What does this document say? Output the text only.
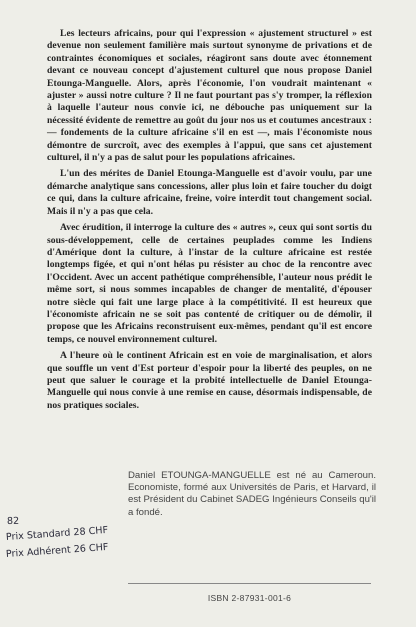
Les lecteurs africains, pour qui l'expression « ajustement structurel » est devenue non seulement familière mais surtout synonyme de privations et de contraintes économiques et sociales, réagiront sans doute avec étonnement devant ce nouveau concept d'ajustement culturel que nous propose Daniel Etounga-Manguelle. Alors, après l'économie, l'on voudrait maintenant « ajuster » aussi notre culture ? Il ne faut pourtant pas s'y tromper, la réflexion à laquelle l'auteur nous convie ici, ne débouche pas uniquement sur la nécessité évidente de remettre au goût du jour nos us et coutumes ancestraux : — fondements de la culture africaine s'il en est —, mais l'économiste nous démontre de surcroît, avec des exemples à l'appui, que sans cet ajustement culturel, il n'y a pas de salut pour les populations africaines.

L'un des mérites de Daniel Etounga-Manguelle est d'avoir voulu, par une démarche analytique sans concessions, aller plus loin et faire toucher du doigt ce qui, dans la culture africaine, freine, voire interdit tout changement social. Mais il n'y a pas que cela.

Avec érudition, il interroge la culture des « autres », ceux qui sont sortis du sous-développement, celle de certaines peuplades comme les Indiens d'Amérique dont la culture, à l'instar de la culture africaine est restée longtemps figée, et qui n'ont hélas pu résister au choc de la rencontre avec l'Occident. Avec un accent pathétique compréhensible, l'auteur nous prédit le même sort, si nous sommes incapables de changer de mentalité, d'épouser notre siècle qui fait une large place à la compétitivité. Il est heureux que l'économiste africain ne se soit pas contenté de critiquer ou de démolir, il propose que les Africains reconstruisent eux-mêmes, pendant qu'il est encore temps, ce nouvel environnement culturel.

A l'heure où le continent Africain est en voie de marginalisation, et alors que souffle un vent d'Est porteur d'espoir pour la liberté des peuples, on ne peut que saluer le courage et la probité intellectuelle de Daniel Etounga-Manguelle qui nous convie à une remise en cause, désormais indispensable, de nos pratiques sociales.

Daniel ETOUNGA-MANGUELLE est né au Cameroun. Economiste, formé aux Universités de Paris, et Harvard, il est Président du Cabinet SADEG Ingénieurs Conseils qu'il a fondé.
82
Prix Standard 28 CHF
Prix Adhérent 26 CHF
ISBN 2-87931-001-6
